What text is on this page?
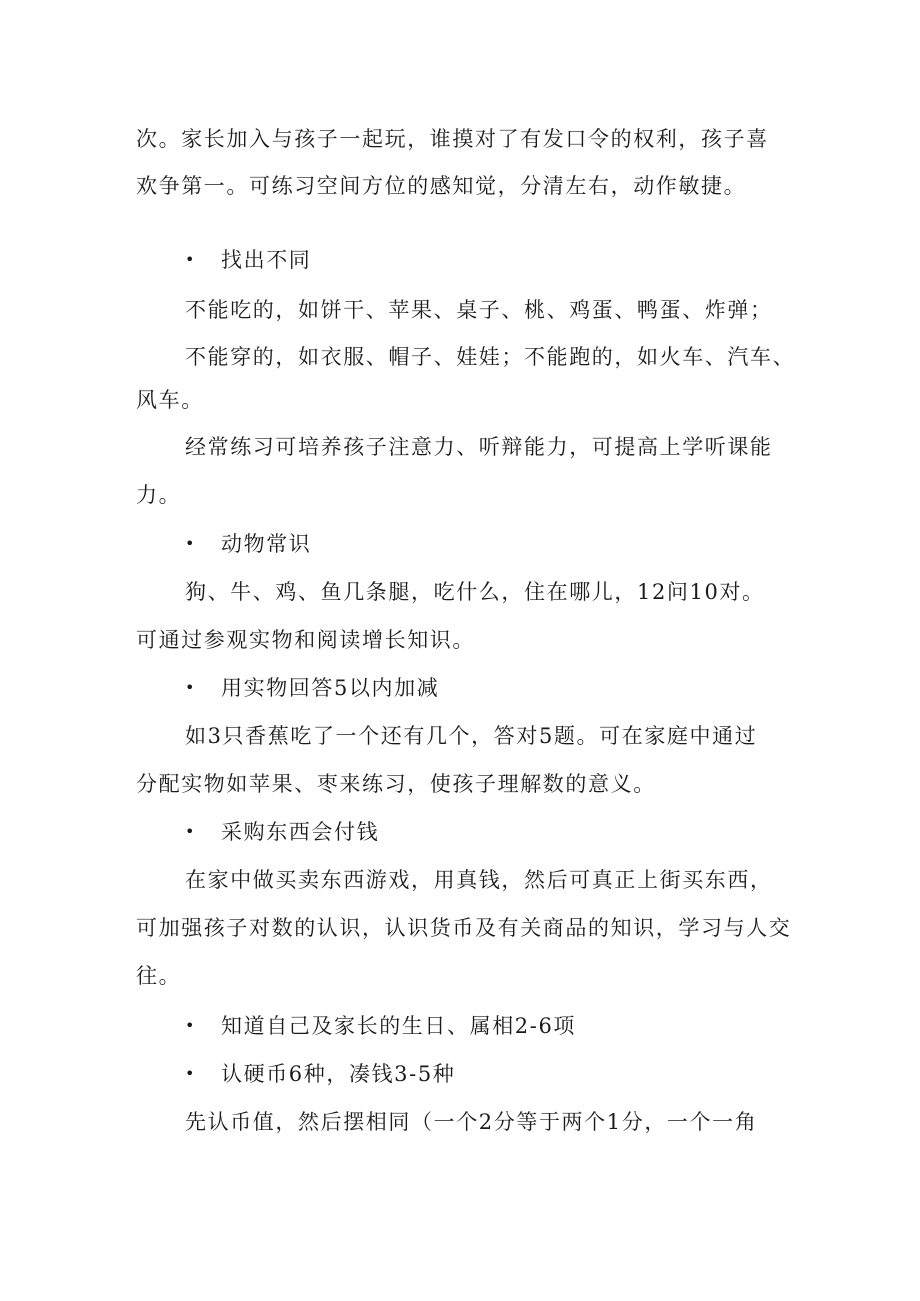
次。家长加入与孩子一起玩，谁摸对了有发口令的权利，孩子喜
欢争第一。可练习空间方位的感知觉，分清左右，动作敏捷。
• 找出不同
不能吃的，如饼干、苹果、桌子、桃、鸡蛋、鸭蛋、炸弹；
不能穿的，如衣服、帽子、娃娃；不能跑的，如火车、汽车、
风车。
经常练习可培养孩子注意力、听辩能力，可提高上学听课能
力。
• 动物常识
狗、牛、鸡、鱼几条腿，吃什么，住在哪儿，12问10对。
可通过参观实物和阅读增长知识。
• 用实物回答5以内加减
如3只香蕉吃了一个还有几个，答对5题。可在家庭中通过
分配实物如苹果、枣来练习，使孩子理解数的意义。
• 采购东西会付钱
在家中做买卖东西游戏，用真钱，然后可真正上街买东西，
可加强孩子对数的认识，认识货币及有关商品的知识，学习与人交
往。
• 知道自己及家长的生日、属相2-6项
• 认硬币6种，凑钱3-5种
先认币值，然后摆相同（一个2分等于两个1分，一个一角
